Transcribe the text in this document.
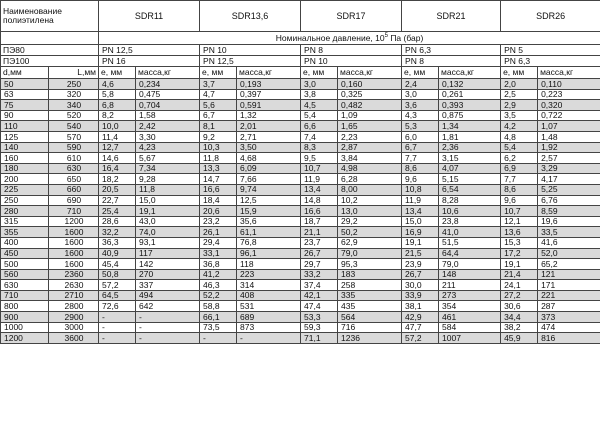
Наименование полиэтилена		SDR11		SDR13,6		SDR17		SDR21		SDR26	
		Номинальное давление, $10^5$ Па (бар)									
ПЭ80		PN 12,5		PN 10		PN 8		PN 6,3		PN 5	
ПЭ100		PN 16		PN 12,5		PN 10		PN 8		PN 6,3	
d,мм	L,мм	e, мм	масса,кг	e, мм	масса,кг	e, мм	масса,кг	e, мм	масса,кг	e, мм	масса,кг
50	250	4,6	0,234	3,7	0,193	3,0	0,160	2,4	0,132	2,0	0,110
63	320	5,8	0,475	4,7	0,397	3,8	0,325	3,0	0,261	2,5	0,223
75	340	6,8	0,704	5,6	0,591	4,5	0,482	3,6	0,393	2,9	0,320
90	520	8,2	1,58	6,7	1,32	5,4	1,09	4,3	0,875	3,5	0,722
110	540	10,0	2,42	8,1	2,01	6,6	1,65	5,3	1,34	4,2	1,07
125	570	11,4	3,30	9,2	2,71	7,4	2,23	6,0	1,81	4,8	1,48
140	590	12,7	4,23	10,3	3,50	8,3	2,87	6,7	2,36	5,4	1,92
160	610	14,6	5,67	11,8	4,68	9,5	3,84	7,7	3,15	6,2	2,57
180	630	16,4	7,34	13,3	6,09	10,7	4,98	8,6	4,07	6,9	3,29
200	650	18,2	9,28	14,7	7,66	11,9	6,28	9,6	5,15	7,7	4,17
225	660	20,5	11,8	16,6	9,74	13,4	8,00	10,8	6,54	8,6	5,25
250	690	22,7	15,0	18,4	12,5	14,8	10,2	11,9	8,28	9,6	6,76
280	710	25,4	19,1	20,6	15,9	16,6	13,0	13,4	10,6	10,7	8,59
315	1200	28,6	43,0	23,2	35,6	18,7	29,2	15,0	23,8	12,1	19,6
355	1600	32,2	74,0	26,1	61,1	21,1	50,2	16,9	41,0	13,6	33,5
400	1600	36,3	93,1	29,4	76,8	23,7	62,9	19,1	51,5	15,3	41,6
450	1600	40,9	117	33,1	96,1	26,7	79,0	21,5	64,4	17,2	52,0
500	1600	45,4	142	36,8	118	29,7	95,3	23,9	79,0	19,1	65,2
560	2360	50,8	270	41,2	223	33,2	183	26,7	148	21,4	121
630	2630	57,2	337	46,3	314	37,4	258	30,0	211	24,1	171
710	2710	64,5	494	52,2	408	42,1	335	33,9	273	27,2	221
800	2800	72,6	642	58,8	531	47,4	435	38,1	354	30,6	287
900	2900	-	-	66,1	689	53,3	564	42,9	461	34,4	373
1000	3000	-	-	73,5	873	59,3	716	47,7	584	38,2	474
1200	3600	-	-	-	-	71,1	1236	57,2	1007	45,9	816
